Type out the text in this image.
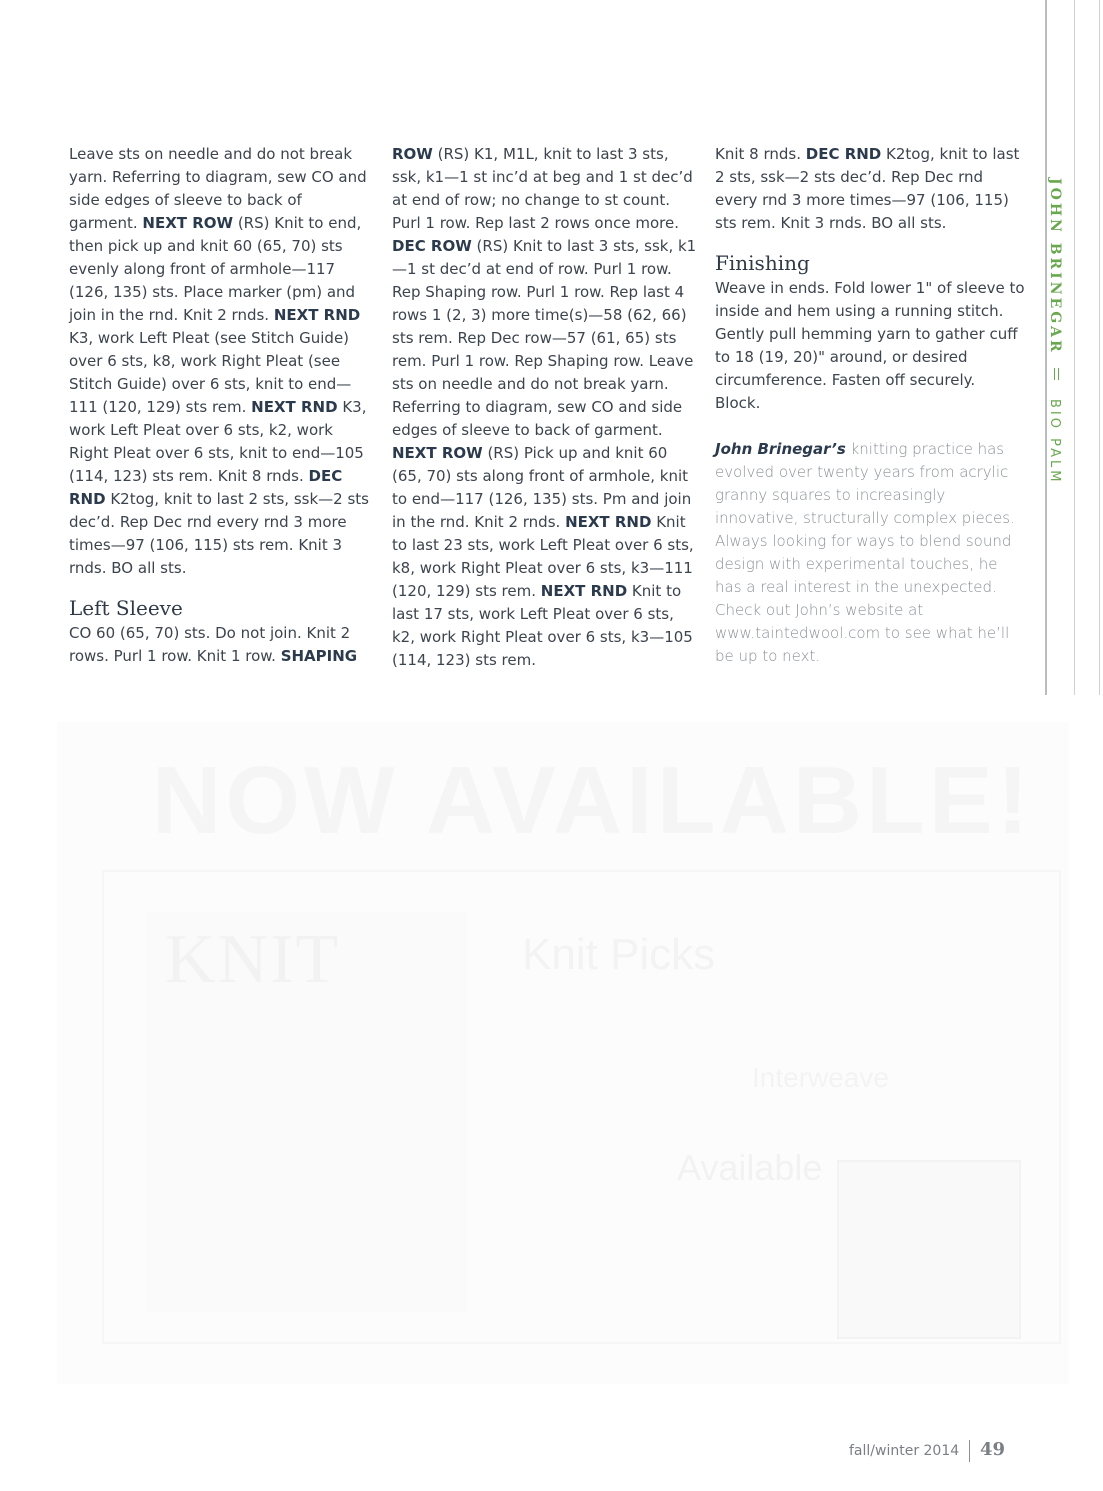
Leave sts on needle and do not break yarn. Referring to diagram, sew CO and side edges of sleeve to back of garment. NEXT ROW (RS) Knit to end, then pick up and knit 60 (65, 70) sts evenly along front of armhole—117 (126, 135) sts. Place marker (pm) and join in the rnd. Knit 2 rnds. NEXT RND K3, work Left Pleat (see Stitch Guide) over 6 sts, k8, work Right Pleat (see Stitch Guide) over 6 sts, knit to end—111 (120, 129) sts rem. NEXT RND K3, work Left Pleat over 6 sts, k2, work Right Pleat over 6 sts, knit to end—105 (114, 123) sts rem. Knit 8 rnds. DEC RND K2tog, knit to last 2 sts, ssk—2 sts dec’d. Rep Dec rnd every rnd 3 more times—97 (106, 115) sts rem. Knit 3 rnds. BO all sts.

Left Sleeve

CO 60 (65, 70) sts. Do not join. Knit 2 rows. Purl 1 row. Knit 1 row. SHAPING

ROW (RS) K1, M1L, knit to last 3 sts, ssk, k1—1 st inc’d at beg and 1 st dec’d at end of row; no change to st count. Purl 1 row. Rep last 2 rows once more. DEC ROW (RS) Knit to last 3 sts, ssk, k1—1 st dec’d at end of row. Purl 1 row. Rep Shaping row. Purl 1 row. Rep last 4 rows 1 (2, 3) more time(s)—58 (62, 66) sts rem. Rep Dec row—57 (61, 65) sts rem. Purl 1 row. Rep Shaping row. Leave sts on needle and do not break yarn. Referring to diagram, sew CO and side edges of sleeve to back of garment. NEXT ROW (RS) Pick up and knit 60 (65, 70) sts along front of armhole, knit to end—117 (126, 135) sts. Pm and join in the rnd. Knit 2 rnds. NEXT RND Knit to last 23 sts, work Left Pleat over 6 sts, k8, work Right Pleat over 6 sts, k3—111 (120, 129) sts rem. NEXT RND Knit to last 17 sts, work Left Pleat over 6 sts, k2, work Right Pleat over 6 sts, k3—105 (114, 123) sts rem.

Knit 8 rnds. DEC RND K2tog, knit to last 2 sts, ssk—2 sts dec’d. Rep Dec rnd every rnd 3 more times—97 (106, 115) sts rem. Knit 3 rnds. BO all sts.

Finishing

Weave in ends. Fold lower 1" of sleeve to inside and hem using a running stitch. Gently pull hemming yarn to gather cuff to 18 (19, 20)" around, or desired circumference. Fasten off securely. Block.

John Brinegar’s knitting practice has evolved over twenty years from acrylic granny squares to increasingly innovative, structurally complex pieces. Always looking for ways to blend sound design with experimental touches, he has a real interest in the unexpected. Check out John’s website at www.taintedwool.com to see what he’ll be up to next.

JOHN BRINEGAR
BIO PALM
NOW AVAILABLE!
KNIT	Knit Picks
Interweave
Available
fall/winter 2014 49
